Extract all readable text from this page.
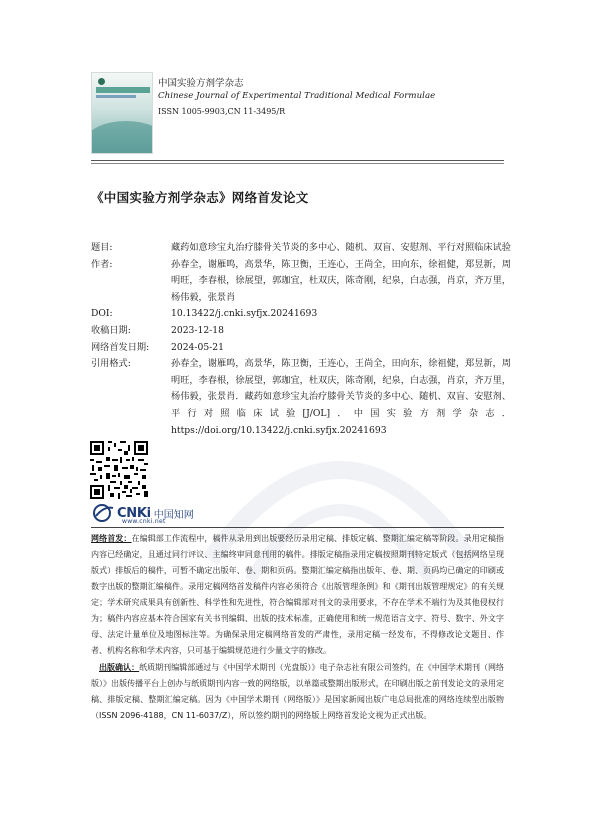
中国实验方剂学杂志
Chinese Journal of Experimental Traditional Medical Formulae
ISSN 1005-9903,CN 11-3495/R
《中国实验方剂学杂志》网络首发论文
题目:	藏药如意珍宝丸治疗膝骨关节炎的多中心、随机、双盲、安慰剂、平行对照临床试验
作者:	孙春全，谢雁鸣，高景华，陈卫衡，王连心，王尚全，田向东，徐祖健，郑昱新，周明旺，李春根，徐展望，郭珈宜，杜双庆，陈奇刚，纪泉，白志强，肖京，齐万里，杨伟毅，张景肖
DOI:	10.13422/j.cnki.syfjx.20241693
收稿日期:	2023-12-18
网络首发日期:	2024-05-21
引用格式:	孙春全，谢雁鸣，高景华，陈卫衡，王连心，王尚全，田向东，徐祖健，郑昱新，周明旺，李春根，徐展望，郭珈宜，杜双庆，陈奇刚，纪泉，白志强，肖京，齐万里，杨伟毅，张景肖．藏药如意珍宝丸治疗膝骨关节炎的多中心、随机、双盲、安慰剂、平行对照临床试验[J/OL]．中国实验方剂学杂志．https://doi.org/10.13422/j.cnki.syfjx.20241693
CNKi 中国知网
www.cnki.net

网络首发：在编辑部工作流程中，稿件从录用到出版要经历录用定稿、排版定稿、整期汇编定稿等阶段。录用定稿指内容已经确定，且通过同行评议、主编终审同意刊用的稿件。排版定稿指录用定稿按照期刊特定版式（包括网络呈现版式）排版后的稿件，可暂不确定出版年、卷、期和页码。整期汇编定稿指出版年、卷、期、页码均已确定的印刷或数字出版的整期汇编稿件。录用定稿网络首发稿件内容必须符合《出版管理条例》和《期刊出版管理规定》的有关规定；学术研究成果具有创新性、科学性和先进性，符合编辑部对刊文的录用要求，不存在学术不端行为及其他侵权行为；稿件内容应基本符合国家有关书刊编辑、出版的技术标准，正确使用和统一规范语言文字、符号、数字、外文字母、法定计量单位及地图标注等。为确保录用定稿网络首发的严肃性，录用定稿一经发布，不得修改论文题目、作者、机构名称和学术内容，只可基于编辑规范进行少量文字的修改。

出版确认：纸质期刊编辑部通过与《中国学术期刊（光盘版）》电子杂志社有限公司签约，在《中国学术期刊（网络版）》出版传播平台上创办与纸质期刊内容一致的网络版，以单篇或整期出版形式，在印刷出版之前刊发论文的录用定稿、排版定稿、整期汇编定稿。因为《中国学术期刊（网络版）》是国家新闻出版广电总局批准的网络连续型出版物（ISSN 2096-4188，CN 11-6037/Z），所以签约期刊的网络版上网络首发论文视为正式出版。
